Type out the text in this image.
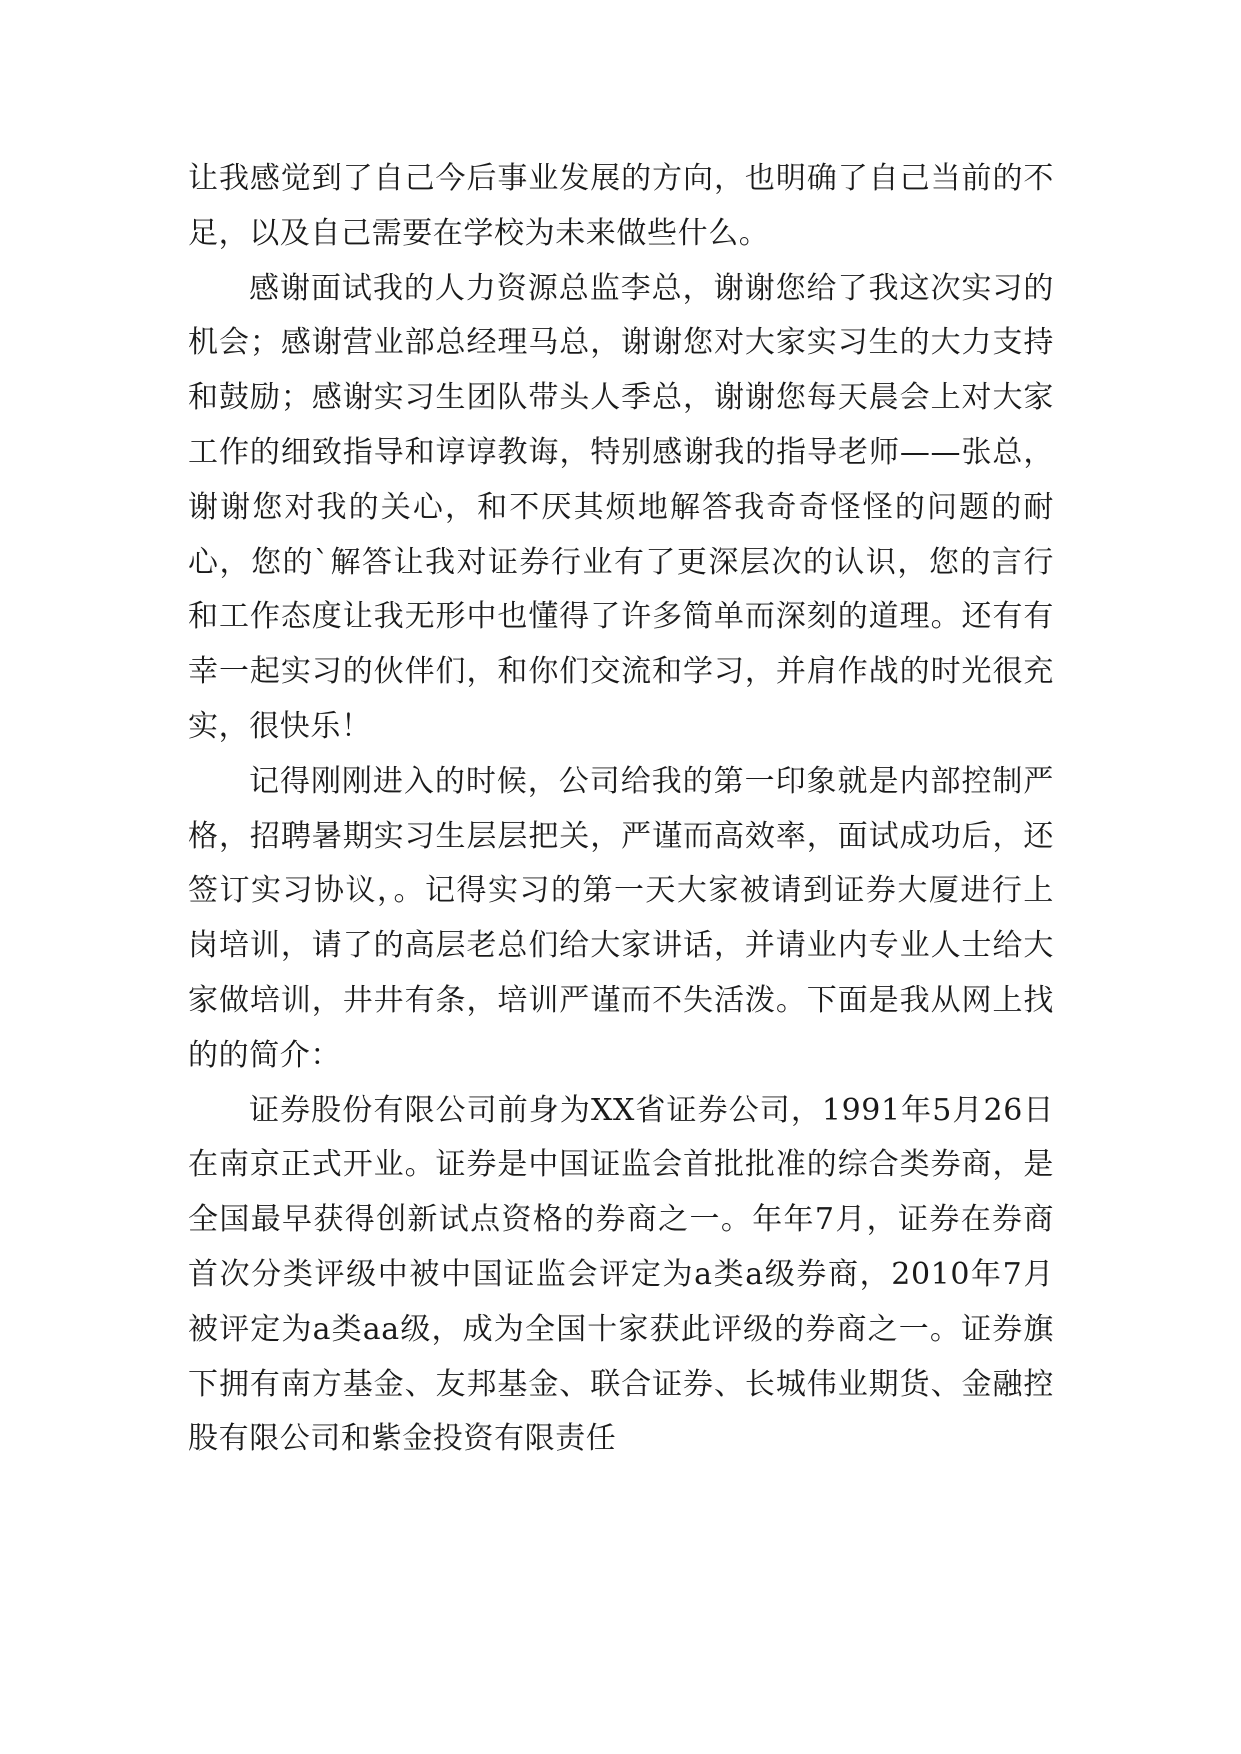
让我感觉到了自己今后事业发展的方向，也明确了自己当前的不足，以及自己需要在学校为未来做些什么。

感谢面试我的人力资源总监李总，谢谢您给了我这次实习的机会；感谢营业部总经理马总，谢谢您对大家实习生的大力支持和鼓励；感谢实习生团队带头人季总，谢谢您每天晨会上对大家工作的细致指导和谆谆教诲，特别感谢我的指导老师——张总，谢谢您对我的关心，和不厌其烦地解答我奇奇怪怪的问题的耐心，您的`解答让我对证券行业有了更深层次的认识，您的言行和工作态度让我无形中也懂得了许多简单而深刻的道理。还有有幸一起实习的伙伴们，和你们交流和学习，并肩作战的时光很充实，很快乐！

记得刚刚进入的时候，公司给我的第一印象就是内部控制严格，招聘暑期实习生层层把关，严谨而高效率，面试成功后，还签订实习协议，。记得实习的第一天大家被请到证券大厦进行上岗培训，请了的高层老总们给大家讲话，并请业内专业人士给大家做培训，井井有条，培训严谨而不失活泼。下面是我从网上找的的简介：

证券股份有限公司前身为XX省证券公司，1991年5月26日在南京正式开业。证券是中国证监会首批批准的综合类券商，是全国最早获得创新试点资格的券商之一。年年7月，证券在券商首次分类评级中被中国证监会评定为a类a级券商，2010年7月被评定为a类aa级，成为全国十家获此评级的券商之一。证券旗下拥有南方基金、友邦基金、联合证券、长城伟业期货、金融控股有限公司和紫金投资有限责任
